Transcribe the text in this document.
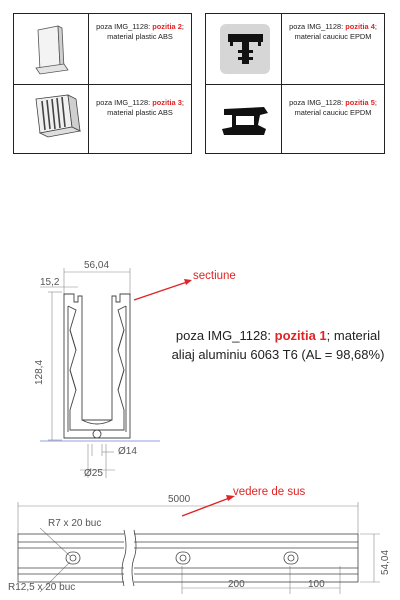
poza IMG_1128: pozitia 2;
material plastic ABS
poza IMG_1128: pozitia 3;
material plastic ABS
poza IMG_1128: pozitia 4;
material cauciuc EPDM
poza IMG_1128: pozitia 5;
material cauciuc EPDM
56,04
15,2
128,4
Ø14
Ø25
sectiune
poza IMG_1128: pozitia 1; material
aliaj aluminiu 6063 T6 (AL = 98,68%)
5000
54,04
R7 x 20 buc
R12,5 x 20 buc	200	100
vedere de sus
